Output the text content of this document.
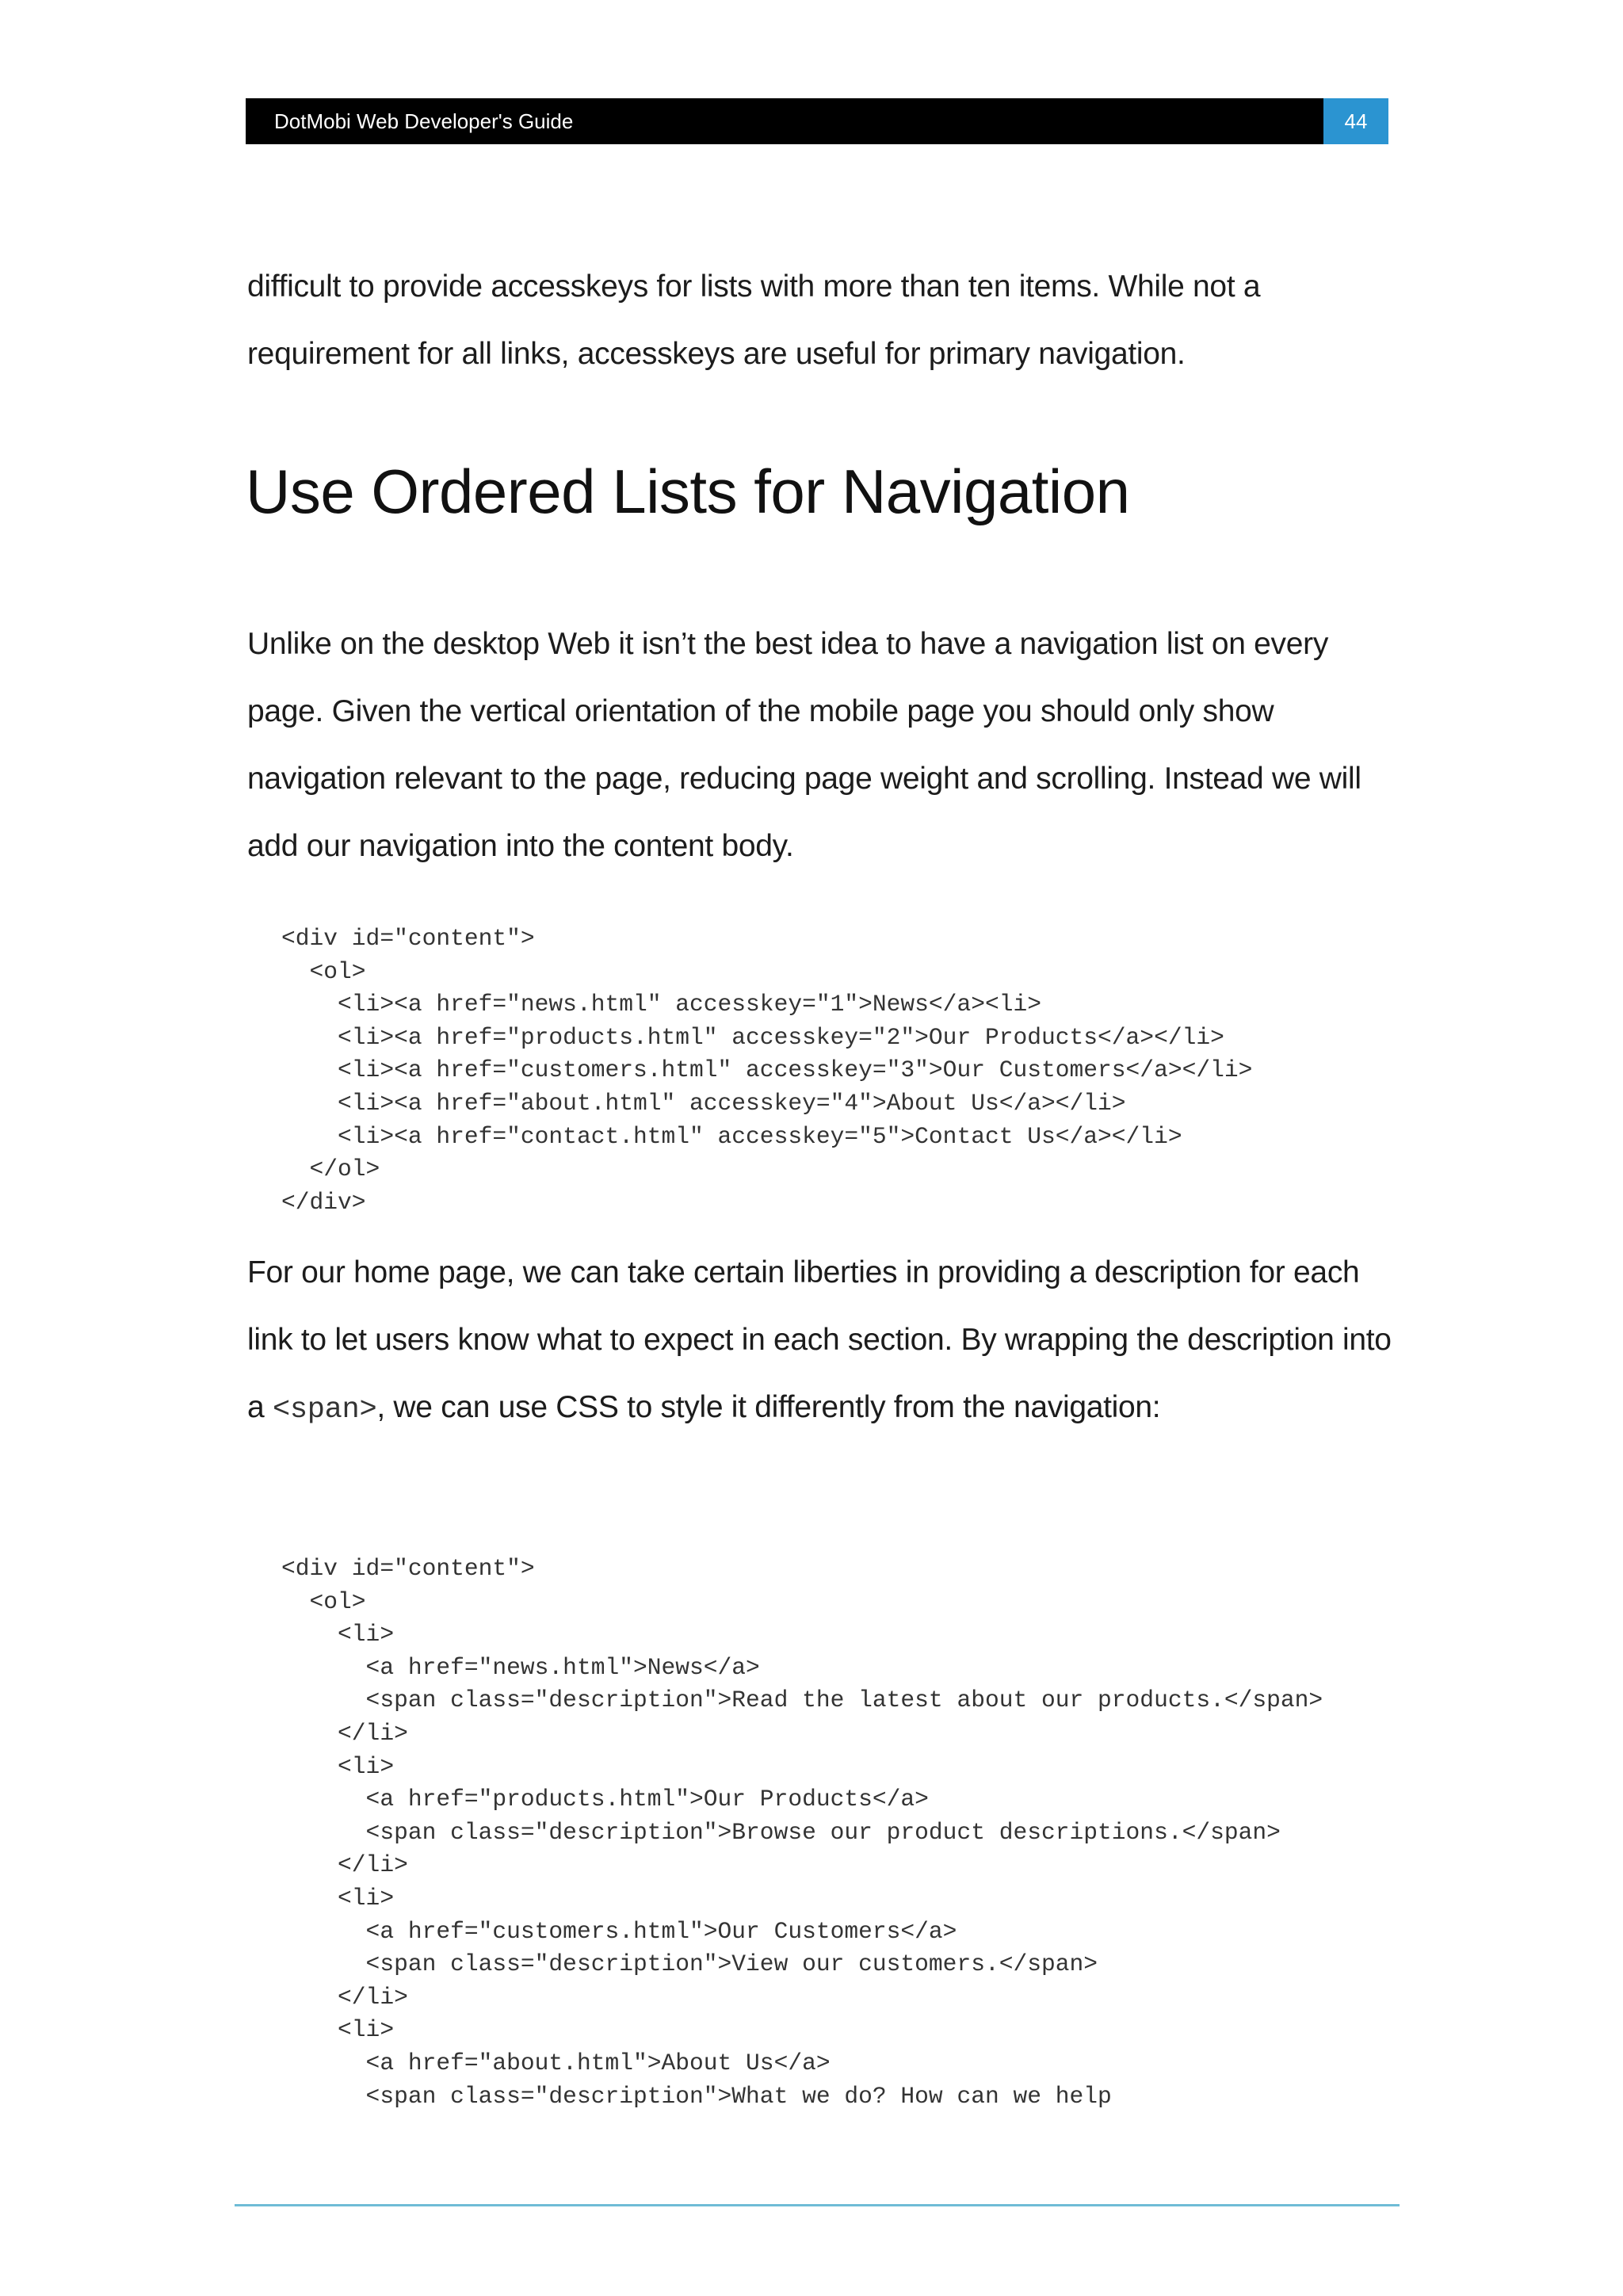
DotMobi Web Developer's Guide	44

difficult to provide accesskeys for lists with more than ten items. While not a requirement for all links, accesskeys are useful for primary navigation.

Use Ordered Lists for Navigation

Unlike on the desktop Web it isn’t the best idea to have a navigation list on every page. Given the vertical orientation of the mobile page you should only show navigation relevant to the page, reducing page weight and scrolling. Instead we will add our navigation into the content body.

<div id="content">
<ol>
<li><a href="news.html" accesskey="1">News</a><li>
<li><a href="products.html" accesskey="2">Our Products</a></li>
<li><a href="customers.html" accesskey="3">Our Customers</a></li>
<li><a href="about.html" accesskey="4">About Us</a></li>
<li><a href="contact.html" accesskey="5">Contact Us</a></li>
</ol>
</div>

For our home page, we can take certain liberties in providing a description for each link to let users know what to expect in each section. By wrapping the description into a <span>, we can use CSS to style it differently from the navigation:

<div id="content">
<ol>
<li>
<a href="news.html">News</a>
<span class="description">Read the latest about our products.</span>
</li>
<li>
<a href="products.html">Our Products</a>
<span class="description">Browse our product descriptions.</span>
</li>
<li>
<a href="customers.html">Our Customers</a>
<span class="description">View our customers.</span>
</li>
<li>
<a href="about.html">About Us</a>
<span class="description">What we do? How can we help
